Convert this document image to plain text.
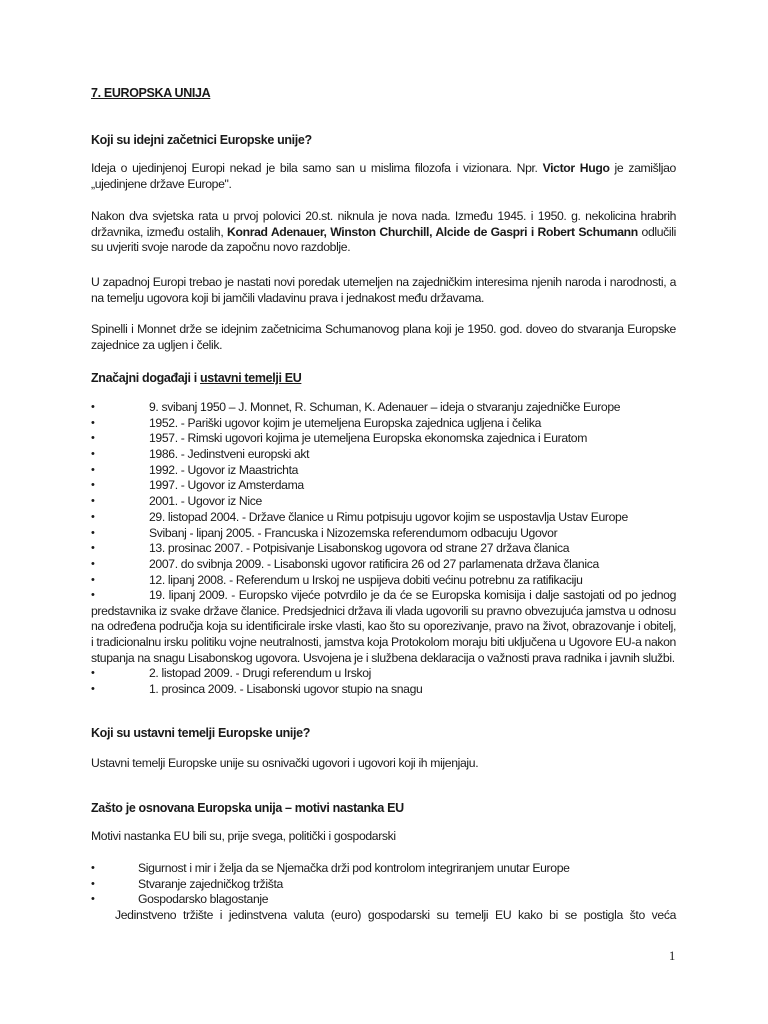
7. EUROPSKA UNIJA
Koji su idejni začetnici Europske unije?
Ideja o ujedinjenoj Europi nekad je bila samo san u mislima filozofa i vizionara. Npr. Victor Hugo je zamišljao „ujedinjene države Europe".
Nakon dva svjetska rata u prvoj polovici 20.st. niknula je nova nada. Između 1945. i 1950. g. nekolicina hrabrih državnika, između ostalih, Konrad Adenauer, Winston Churchill, Alcide de Gaspri i Robert Schumann odlučili su uvjeriti svoje narode da započnu novo razdoblje.
U zapadnoj Europi trebao je nastati novi poredak utemeljen na zajedničkim interesima njenih naroda i narodnosti, a na temelju ugovora koji bi jamčili vladavinu prava i jednakost među državama.
Spinelli i Monnet drže se idejnim začetnicima Schumanovog plana koji je 1950. god. doveo do stvaranja Europske zajednice za ugljen i čelik.
Značajni događaji i ustavni temelji EU
•	9. svibanj 1950 – J. Monnet, R. Schuman, K. Adenauer – ideja o stvaranju zajedničke Europe
•	1952. - Pariški ugovor kojim je utemeljena Europska zajednica ugljena i čelika
•	1957. - Rimski ugovori kojima je utemeljena Europska ekonomska zajednica i Euratom
•	1986. - Jedinstveni europski akt
•	1992. - Ugovor iz Maastrichta
•	1997. - Ugovor iz Amsterdama
•	2001. - Ugovor iz Nice
•	29. listopad 2004. - Države članice u Rimu potpisuju ugovor kojim se uspostavlja Ustav Europe
•	Svibanj - lipanj 2005. - Francuska i Nizozemska referendumom odbacuju Ugovor
•	13. prosinac 2007. - Potpisivanje Lisabonskog ugovora od strane 27 država članica
•	2007. do svibnja 2009. - Lisabonski ugovor ratificira 26 od 27 parlamenata država članica
•	12. lipanj 2008. - Referendum u Irskoj ne uspijeva dobiti većinu potrebnu za ratifikaciju
•	19. lipanj 2009. - Europsko vijeće potvrdilo je da će se Europska komisija i dalje sastojati od po jednog predstavnika iz svake države članice. Predsjednici država ili vlada ugovorili su pravno obvezujuća jamstva u odnosu na određena područja koja su identificirale irske vlasti, kao što su oporezivanje, pravo na život, obrazovanje i obitelj, i tradicionalnu irsku politiku vojne neutralnosti, jamstva koja Protokolom moraju biti uključena u Ugovore EU-a nakon stupanja na snagu Lisabonskog ugovora. Usvojena je i službena deklaracija o važnosti prava radnika i javnih službi.
•	2. listopad 2009. - Drugi referendum u Irskoj
•	1. prosinca 2009. - Lisabonski ugovor stupio na snagu
Koji su ustavni temelji Europske unije?
Ustavni temelji Europske unije su osnivački ugovori i ugovori koji ih mijenjaju.
Zašto je osnovana Europska unija – motivi nastanka EU
Motivi nastanka EU bili su, prije svega, politički i gospodarski
•	Sigurnost i mir i želja da se Njemačka drži pod kontrolom integriranjem unutar Europe
•	Stvaranje zajedničkog tržišta
•	Gospodarsko blagostanje
Jedinstveno tržište i jedinstvena valuta (euro) gospodarski su temelji EU kako bi se postigla što veća
1
